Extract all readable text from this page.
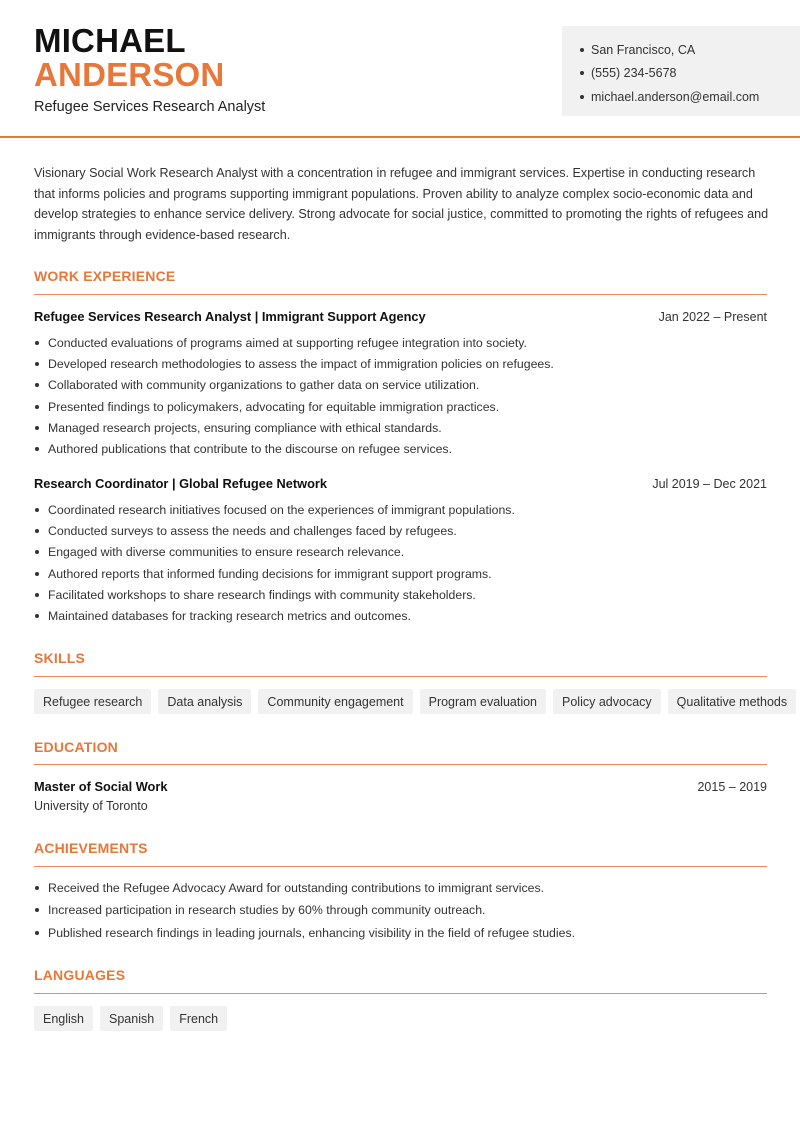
MICHAEL
ANDERSON
Refugee Services Research Analyst
San Francisco, CA
(555) 234-5678
michael.anderson@email.com

Visionary Social Work Research Analyst with a concentration in refugee and immigrant services. Expertise in conducting research that informs policies and programs supporting immigrant populations. Proven ability to analyze complex socio-economic data and develop strategies to enhance service delivery. Strong advocate for social justice, committed to promoting the rights of refugees and immigrants through evidence-based research.

WORK EXPERIENCE
Refugee Services Research Analyst | Immigrant Support Agency	Jan 2022 – Present
Conducted evaluations of programs aimed at supporting refugee integration into society.
Developed research methodologies to assess the impact of immigration policies on refugees.
Collaborated with community organizations to gather data on service utilization.
Presented findings to policymakers, advocating for equitable immigration practices.
Managed research projects, ensuring compliance with ethical standards.
Authored publications that contribute to the discourse on refugee services.
Research Coordinator | Global Refugee Network	Jul 2019 – Dec 2021
Coordinated research initiatives focused on the experiences of immigrant populations.
Conducted surveys to assess the needs and challenges faced by refugees.
Engaged with diverse communities to ensure research relevance.
Authored reports that informed funding decisions for immigrant support programs.
Facilitated workshops to share research findings with community stakeholders.
Maintained databases for tracking research metrics and outcomes.
SKILLS
Refugee research	Data analysis	Community engagement	Program evaluation	Policy advocacy	Qualitative methods
EDUCATION
Master of Social Work	2015 – 2019
University of Toronto
ACHIEVEMENTS
Received the Refugee Advocacy Award for outstanding contributions to immigrant services.
Increased participation in research studies by 60% through community outreach.
Published research findings in leading journals, enhancing visibility in the field of refugee studies.
LANGUAGES
English	Spanish	French
